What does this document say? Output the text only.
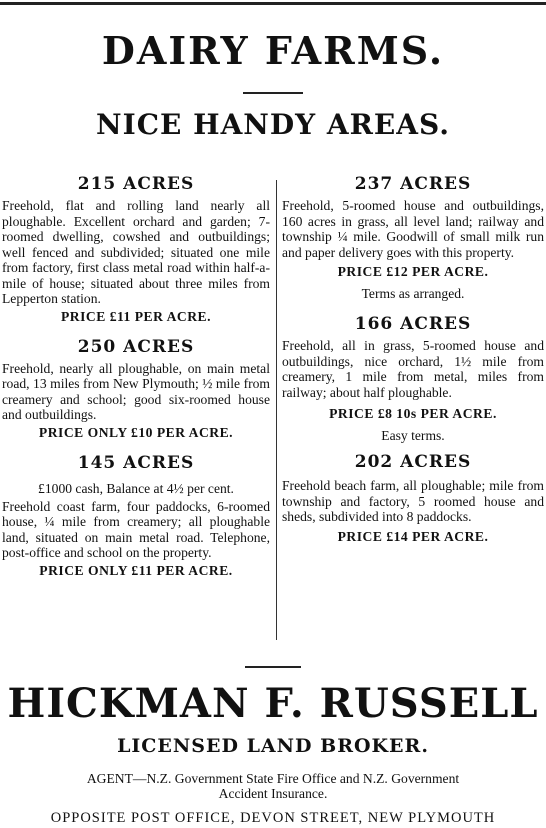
DAIRY FARMS.
NICE HANDY AREAS.
215 ACRES
Freehold, flat and rolling land nearly all ploughable. Excellent orchard and garden; 7-roomed dwelling, cowshed and outbuildings; well fenced and subdivided; situated one mile from factory, first class metal road within half-a-mile of house; situated about three miles from Lepperton station.
PRICE £11 PER ACRE.
250 ACRES
Freehold, nearly all ploughable, on main metal road, 13 miles from New Plymouth; ½ mile from creamery and school; good six-roomed house and outbuildings.
PRICE ONLY £10 PER ACRE.
145 ACRES
£1000 cash, Balance at 4½ per cent.
Freehold coast farm, four paddocks, 6-roomed house, ¼ mile from creamery; all ploughable land, situated on main metal road. Telephone, post-office and school on the property.
PRICE ONLY £11 PER ACRE.
237 ACRES
Freehold, 5-roomed house and outbuildings, 160 acres in grass, all level land; railway and township ¼ mile. Goodwill of small milk run and paper delivery goes with this property.
PRICE £12 PER ACRE.
Terms as arranged.
166 ACRES
Freehold, all in grass, 5-roomed house and outbuildings, nice orchard, 1½ mile from creamery, 1 mile from metal, miles from railway; about half ploughable.
PRICE £8 10s PER ACRE.
Easy terms.
202 ACRES
Freehold beach farm, all ploughable; mile from township and factory, 5 roomed house and sheds, subdivided into 8 paddocks.
PRICE £14 PER ACRE.
HICKMAN F. RUSSELL
LICENSED LAND BROKER.
AGENT—N.Z. Government State Fire Office and N.Z. Government
Accident Insurance.
OPPOSITE POST OFFICE, DEVON STREET, NEW PLYMOUTH
